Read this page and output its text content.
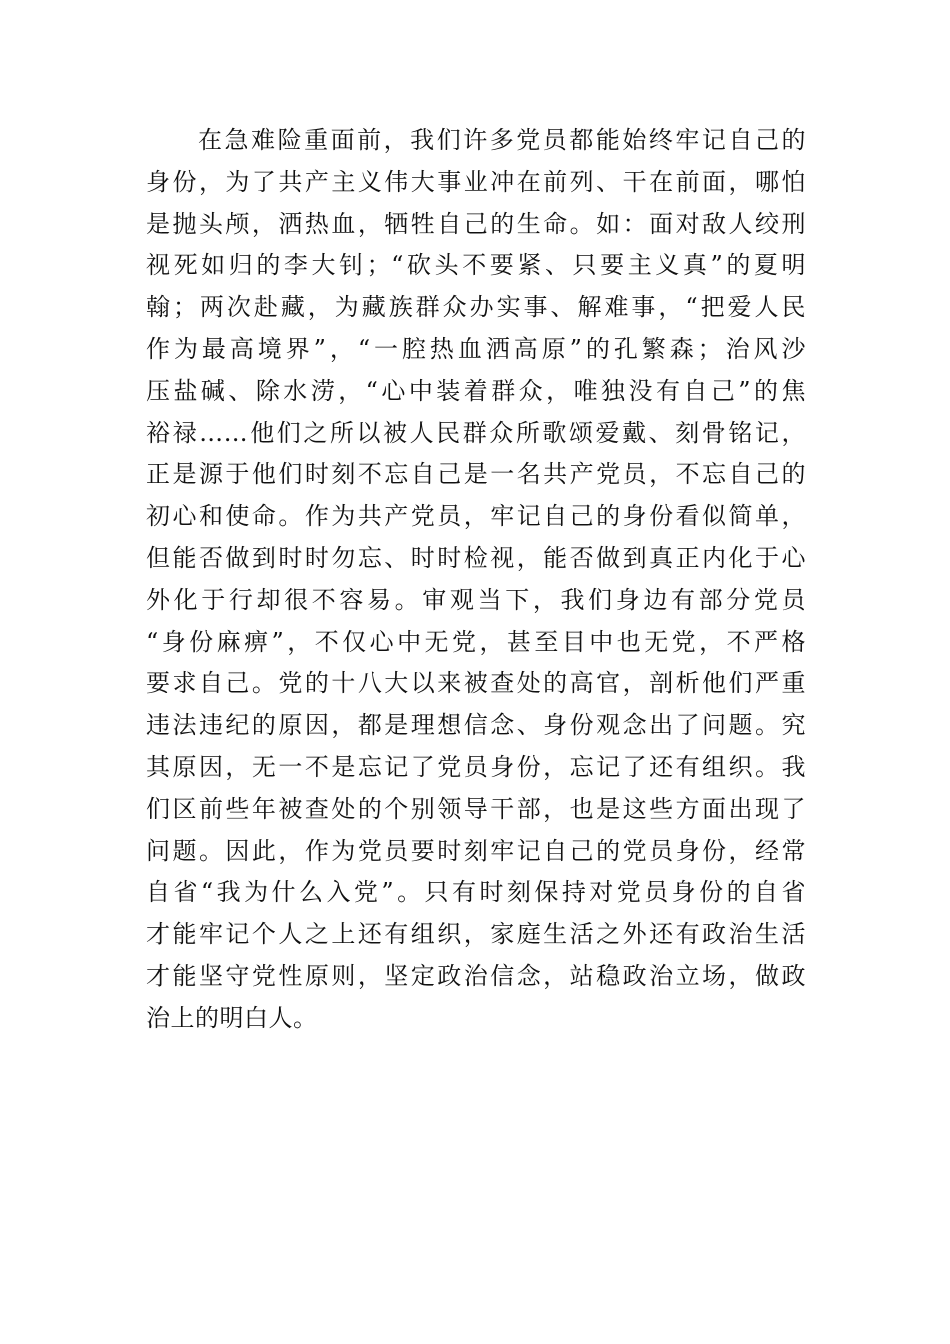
在急难险重面前，我们许多党员都能始终牢记自己的
身份，为了共产主义伟大事业冲在前列、干在前面，哪怕
是抛头颅，洒热血，牺牲自己的生命。如：面对敌人绞刑
视死如归的李大钊；“砍头不要紧、只要主义真”的夏明
翰；两次赴藏，为藏族群众办实事、解难事，“把爱人民
作为最高境界”，“一腔热血洒高原”的孔繁森；治风沙
压盐碱、除水涝，“心中装着群众，唯独没有自己”的焦
裕禄……他们之所以被人民群众所歌颂爱戴、刻骨铭记，
正是源于他们时刻不忘自己是一名共产党员，不忘自己的
初心和使命。作为共产党员，牢记自己的身份看似简单，
但能否做到时时勿忘、时时检视，能否做到真正内化于心
外化于行却很不容易。审观当下，我们身边有部分党员
“身份麻痹”，不仅心中无党，甚至目中也无党，不严格
要求自己。党的十八大以来被查处的高官，剖析他们严重
违法违纪的原因，都是理想信念、身份观念出了问题。究
其原因，无一不是忘记了党员身份，忘记了还有组织。我
们区前些年被查处的个别领导干部，也是这些方面出现了
问题。因此，作为党员要时刻牢记自己的党员身份，经常
自省“我为什么入党”。只有时刻保持对党员身份的自省
才能牢记个人之上还有组织，家庭生活之外还有政治生活
才能坚守党性原则，坚定政治信念，站稳政治立场，做政
治上的明白人。
